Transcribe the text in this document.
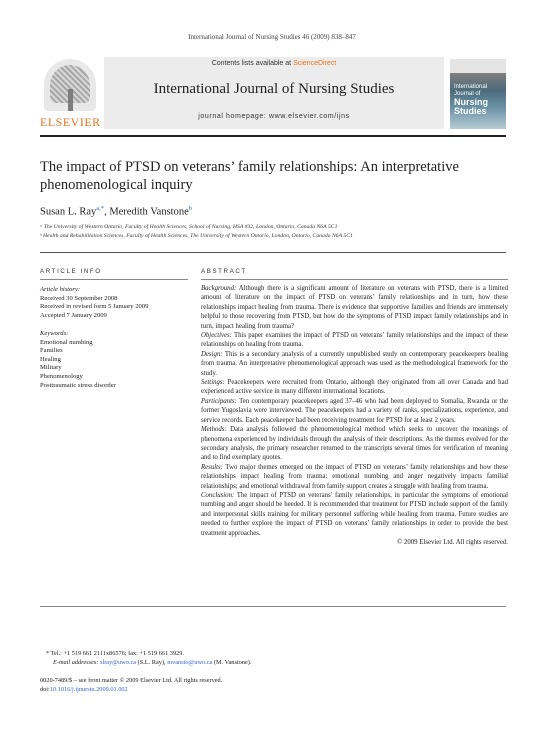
International Journal of Nursing Studies 46 (2009) 838–847
ELSEVIER
Contents lists available at ScienceDirect
International Journal of Nursing Studies
journal homepage: www.elsevier.com/ijns
International Journal of
Nursing Studies
The impact of PTSD on veterans’ family relationships: An interpretative phenomenological inquiry
Susan L. Ray$^{a,*}$, Meredith Vanstone$^b$
ᵃ The University of Western Ontario, Faculty of Health Sciences, School of Nursing, HSA #32, London, Ontario, Canada N6A 5C1
ᵇ Health and Rehabilitation Sciences, Faculty of Health Sciences, The University of Western Ontario, London, Ontario, Canada N6A 5C1
ARTICLE INFO	ABSTRACT
Article history:
Received 30 September 2008
Received in revised form 5 January 2009
Accepted 7 January 2009
Keywords:
Emotional numbing
Families
Healing
Military
Phenomenology
Posttraumatic stress disorder

Background: Although there is a significant amount of literature on veterans with PTSD, there is a limited amount of literature on the impact of PTSD on veterans’ family relationships and in turn, how these relationships impact healing from trauma. There is evidence that supportive families and friends are immensely helpful to those recovering from PTSD, but how do the symptoms of PTSD impact family relationships and in turn, impact healing from trauma?

Objectives: This paper examines the impact of PTSD on veterans’ family relationships and the impact of these relationships on healing from trauma.

Design: This is a secondary analysis of a currently unpublished study on contemporary peacekeepers healing from trauma. An interpretative phenomenological approach was used as the methodological framework for the study.

Settings: Peacekeepers were recruited from Ontario, although they originated from all over Canada and had experienced active service in many different international locations.

Participants: Ten contemporary peacekeepers aged 37–46 who had been deployed to Somalia, Rwanda or the former Yugoslavia were interviewed. The peacekeepers had a variety of ranks, specializations, experience, and service records. Each peacekeeper had been receiving treatment for PTSD for at least 2 years.

Methods: Data analysis followed the phenomenological method which seeks to uncover the meanings of phenomena experienced by individuals through the analysis of their descriptions. As the themes evolved for the secondary analysis, the primary researcher returned to the transcripts several times for verification of meaning and to find exemplary quotes.

Results: Two major themes emerged on the impact of PTSD on veterans’ family relationships and how these relationships impact healing from trauma: emotional numbing and anger negatively impacts familial relationships; and emotional withdrawal from family support creates a struggle with healing from trauma.

Conclusion: The impact of PTSD on veterans’ family relationships, in particular the symptoms of emotional numbing and anger should be heeded. It is recommended that treatment for PTSD include support of the family and interpersonal skills training for military personnel suffering while healing from trauma. Future studies are needed to further explore the impact of PTSD on veterans’ family relationships in order to provide the best treatment approaches.

© 2009 Elsevier Ltd. All rights reserved.

* Tel.: +1 519 661 2111x86576; fax: +1 519 661 3929.
E-mail addresses: slray@uwo.ca (S.L. Ray), mvansto@uwo.ca (M. Vanstone).
0020-7489/$ – see front matter © 2009 Elsevier Ltd. All rights reserved.
doi:10.1016/j.ijnurstu.2009.01.002
